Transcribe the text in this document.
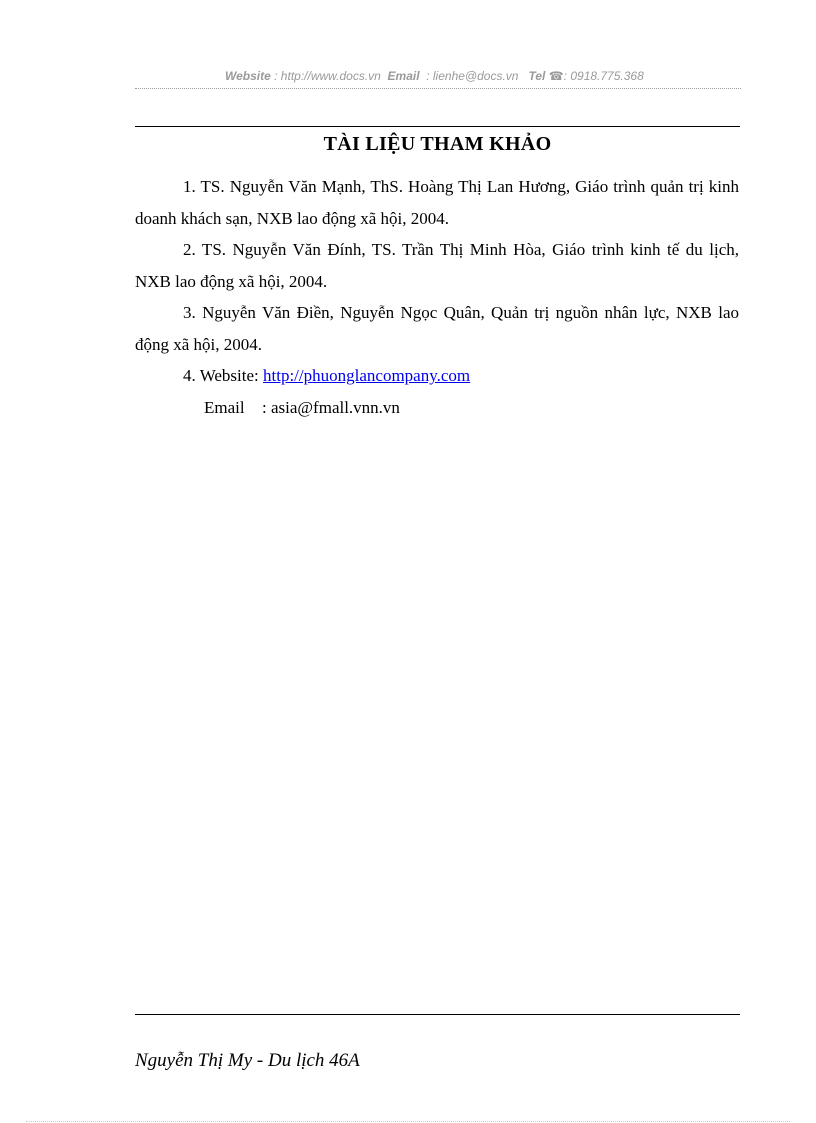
Website : http://www.docs.vn Email : lienhe@docs.vn Tel ☎: 0918.775.368
TÀI LIỆU THAM KHẢO

1. TS. Nguyễn Văn Mạnh, ThS. Hoàng Thị Lan Hương, Giáo trình quản trị kinh doanh khách sạn, NXB lao động xã hội, 2004.

2. TS. Nguyễn Văn Đính, TS. Trần Thị Minh Hòa, Giáo trình kinh tế du lịch, NXB lao động xã hội, 2004.

3. Nguyễn Văn Điền, Nguyễn Ngọc Quân, Quản trị nguồn nhân lực, NXB lao động xã hội, 2004.

4. Website: http://phuonglancompany.com

Email : asia@fmall.vnn.vn

Nguyễn Thị My - Du lịch 46A
